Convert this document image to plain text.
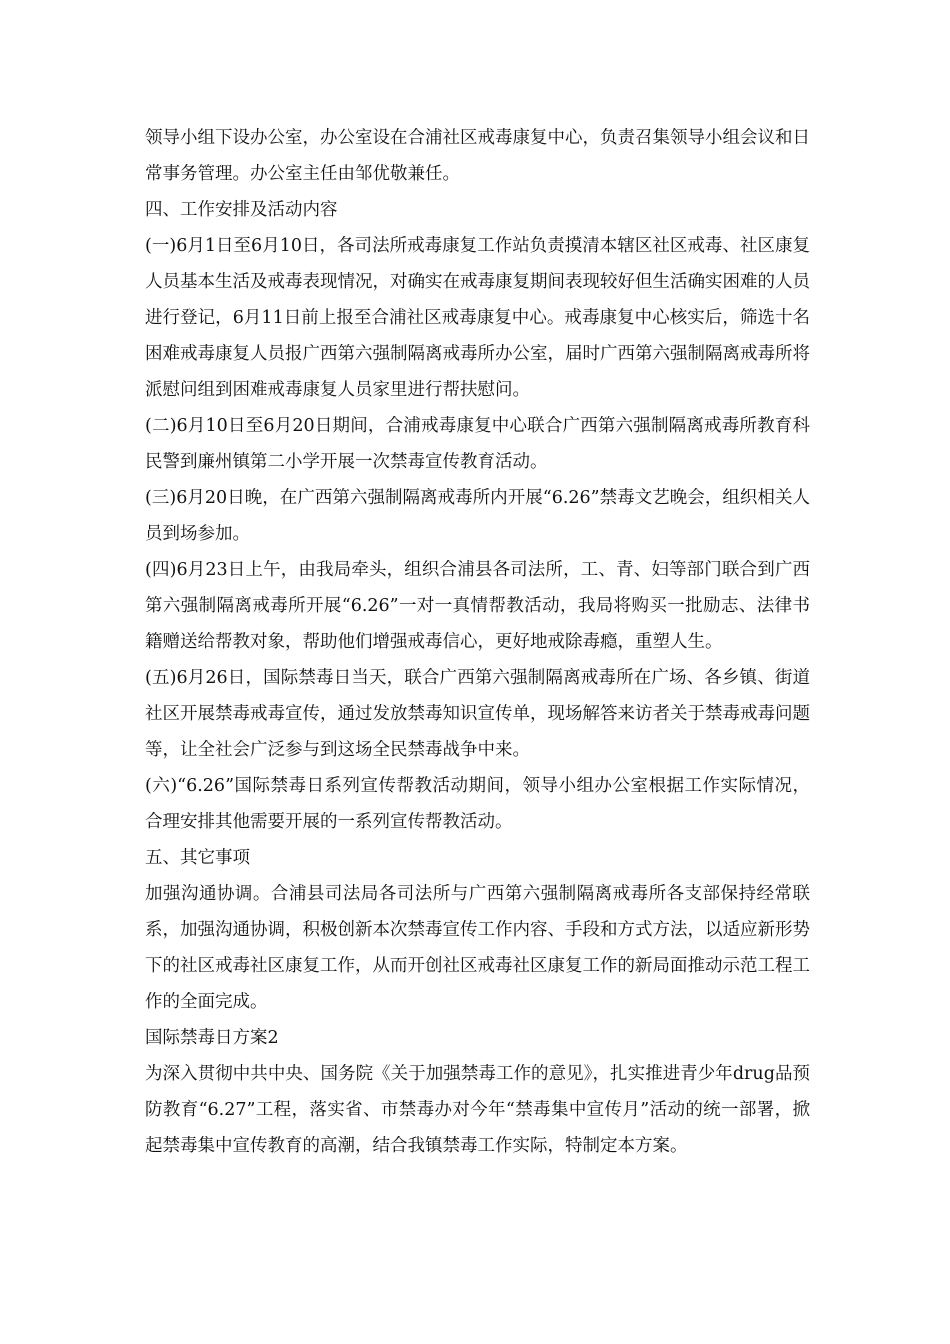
领导小组下设办公室，办公室设在合浦社区戒毒康复中心，负责召集领导小组会议和日常事务管理。办公室主任由邹优敬兼任。

四、工作安排及活动内容

(一)6月1日至6月10日，各司法所戒毒康复工作站负责摸清本辖区社区戒毒、社区康复人员基本生活及戒毒表现情况，对确实在戒毒康复期间表现较好但生活确实困难的人员进行登记，6月11日前上报至合浦社区戒毒康复中心。戒毒康复中心核实后，筛选十名困难戒毒康复人员报广西第六强制隔离戒毒所办公室，届时广西第六强制隔离戒毒所将派慰问组到困难戒毒康复人员家里进行帮扶慰问。

(二)6月10日至6月20日期间，合浦戒毒康复中心联合广西第六强制隔离戒毒所教育科民警到廉州镇第二小学开展一次禁毒宣传教育活动。

(三)6月20日晚，在广西第六强制隔离戒毒所内开展“6.26”禁毒文艺晚会，组织相关人员到场参加。

(四)6月23日上午，由我局牵头，组织合浦县各司法所，工、青、妇等部门联合到广西第六强制隔离戒毒所开展“6.26”一对一真情帮教活动，我局将购买一批励志、法律书籍赠送给帮教对象，帮助他们增强戒毒信心，更好地戒除毒瘾，重塑人生。

(五)6月26日，国际禁毒日当天，联合广西第六强制隔离戒毒所在广场、各乡镇、街道社区开展禁毒戒毒宣传，通过发放禁毒知识宣传单，现场解答来访者关于禁毒戒毒问题等，让全社会广泛参与到这场全民禁毒战争中来。

(六)“6.26”国际禁毒日系列宣传帮教活动期间，领导小组办公室根据工作实际情况，合理安排其他需要开展的一系列宣传帮教活动。

五、其它事项

加强沟通协调。合浦县司法局各司法所与广西第六强制隔离戒毒所各支部保持经常联系，加强沟通协调，积极创新本次禁毒宣传工作内容、手段和方式方法，以适应新形势下的社区戒毒社区康复工作，从而开创社区戒毒社区康复工作的新局面推动示范工程工作的全面完成。

国际禁毒日方案2

为深入贯彻中共中央、国务院《关于加强禁毒工作的意见》，扎实推进青少年drug品预防教育“6.27”工程，落实省、市禁毒办对今年“禁毒集中宣传月”活动的统一部署，掀起禁毒集中宣传教育的高潮，结合我镇禁毒工作实际，特制定本方案。
